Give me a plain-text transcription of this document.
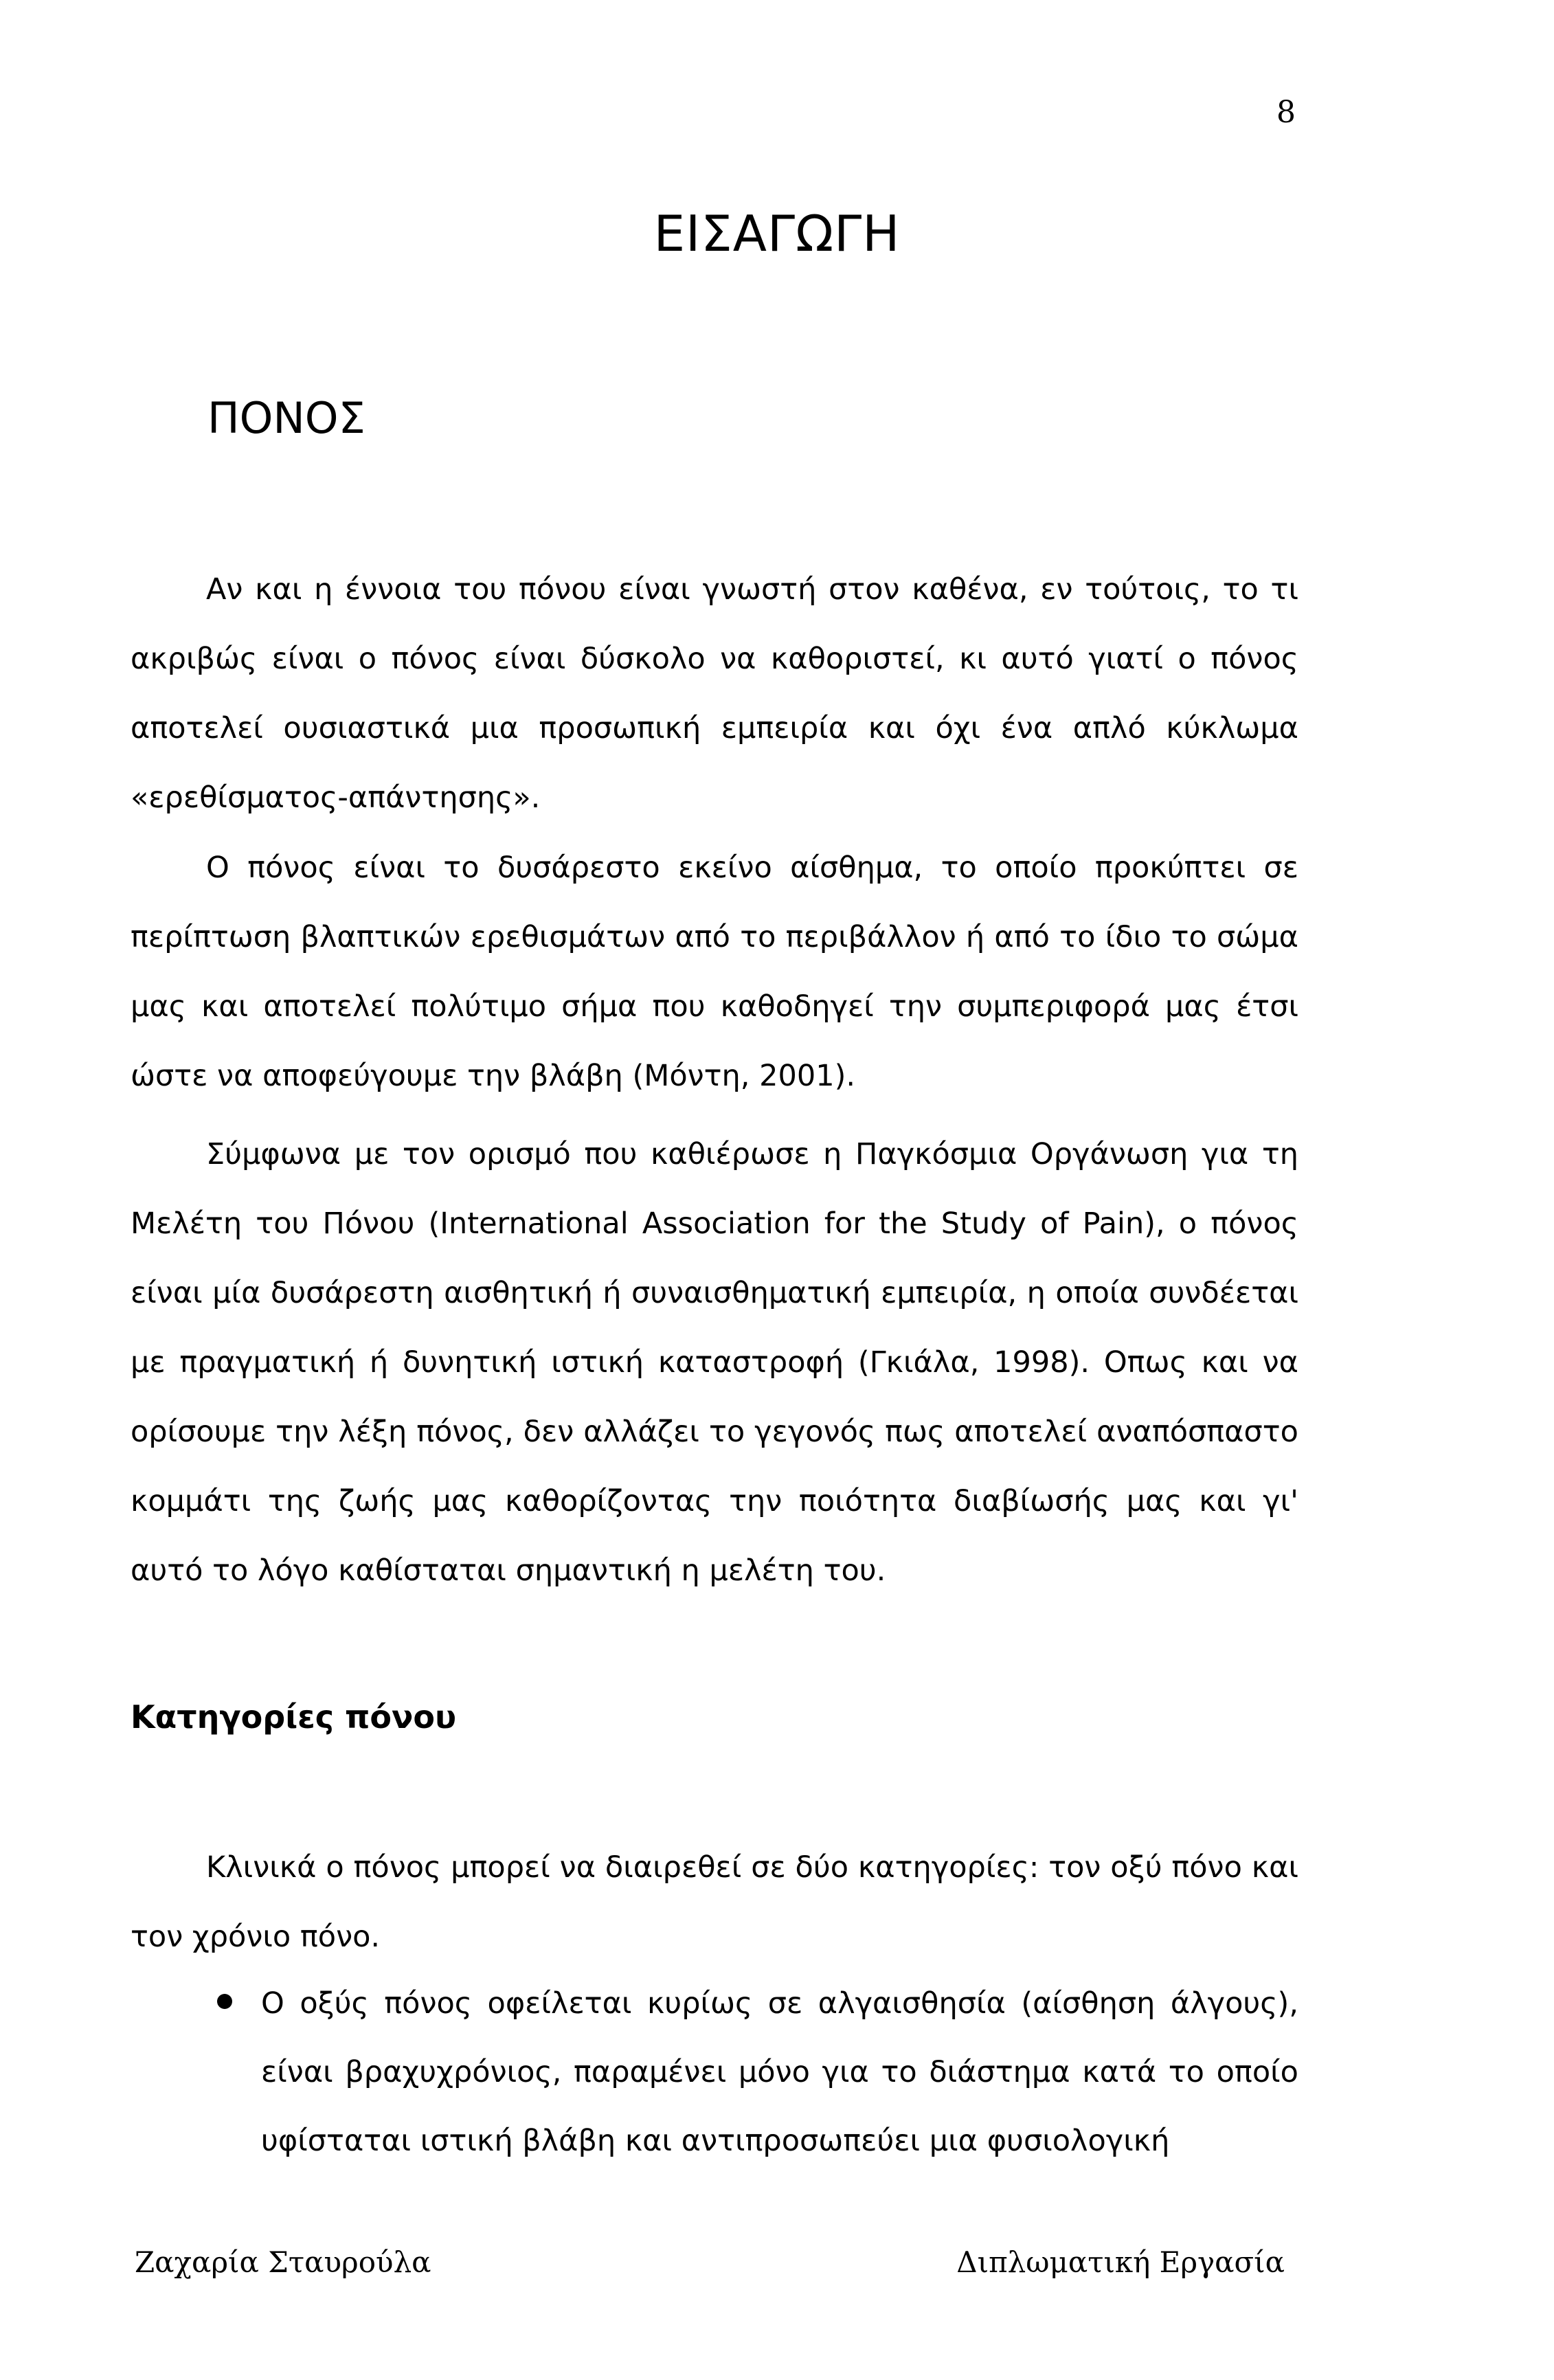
8
ΕΙΣΑΓΩΓΗ
ΠΟΝΟΣ

Αν και η έννοια του πόνου είναι γνωστή στον καθένα, εν τούτοις, το τι ακριβώς είναι ο πόνος είναι δύσκολο να καθοριστεί, κι αυτό γιατί ο πόνος αποτελεί ουσιαστικά μια προσωπική εμπειρία και όχι ένα απλό κύκλωμα «ερεθίσματος-απάντησης».

Ο πόνος είναι το δυσάρεστο εκείνο αίσθημα, το οποίο προκύπτει σε περίπτωση βλαπτικών ερεθισμάτων από το περιβάλλον ή από το ίδιο το σώμα μας και αποτελεί πολύτιμο σήμα που καθοδηγεί την συμπεριφορά μας έτσι ώστε να αποφεύγουμε την βλάβη (Μόντη, 2001).

Σύμφωνα με τον ορισμό που καθιέρωσε η Παγκόσμια Οργάνωση για τη Μελέτη του Πόνου (International Association for the Study of Pain), ο πόνος είναι μία δυσάρεστη αισθητική ή συναισθηματική εμπειρία, η οποία συνδέεται με πραγματική ή δυνητική ιστική καταστροφή (Γκιάλα, 1998). Οπως και να ορίσουμε την λέξη πόνος, δεν αλλάζει το γεγονός πως αποτελεί αναπόσπαστο κομμάτι της ζωής μας καθορίζοντας την ποιότητα διαβίωσής μας και γι' αυτό το λόγο καθίσταται σημαντική η μελέτη του.

Κατηγορίες πόνου

Κλινικά ο πόνος μπορεί να διαιρεθεί σε δύο κατηγορίες: τον οξύ πόνο και τον χρόνιο πόνο.

Ο οξύς πόνος οφείλεται κυρίως σε αλγαισθησία (αίσθηση άλγους), είναι βραχυχρόνιος, παραμένει μόνο για το διάστημα κατά το οποίο υφίσταται ιστική βλάβη και αντιπροσωπεύει μια φυσιολογική
Ζαχαρία Σταυρούλα	Διπλωματική Εργασία
